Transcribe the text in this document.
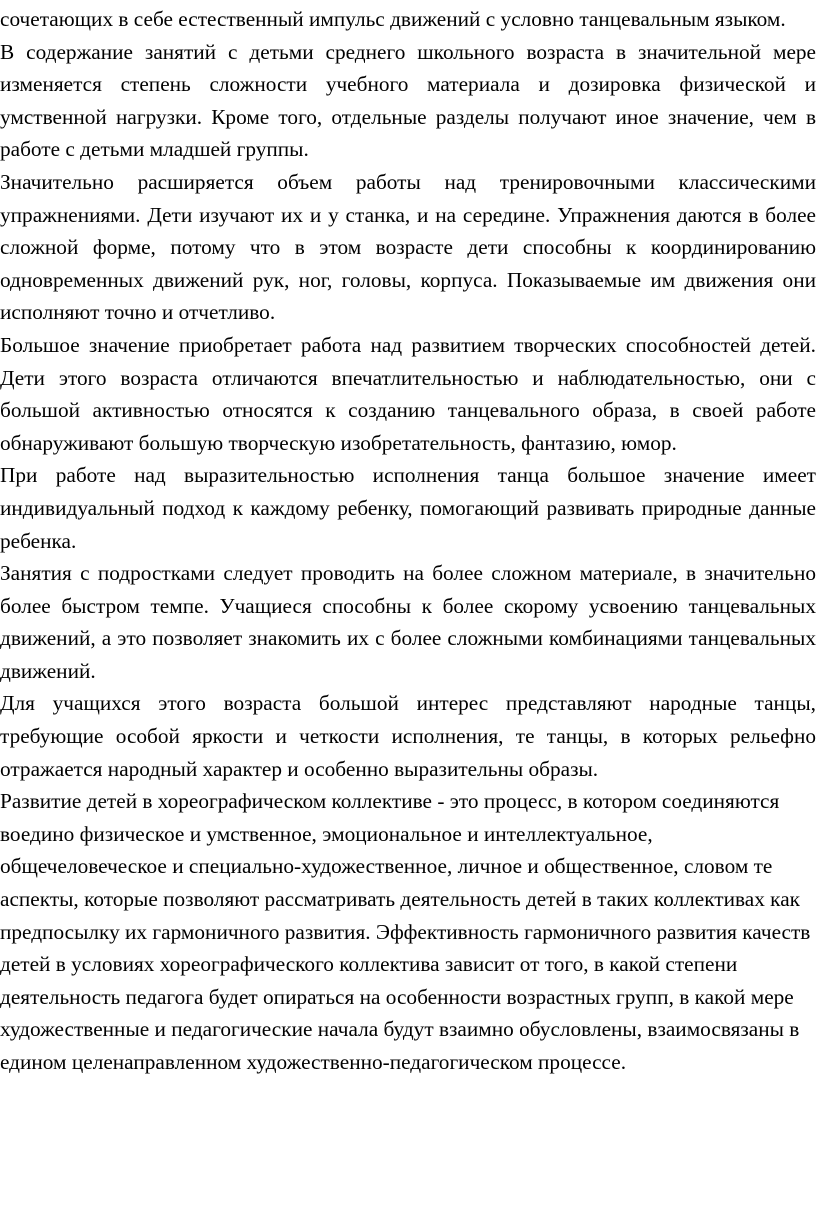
сочетающих в себе естественный импульс движений с условно танцевальным языком.

В содержание занятий с детьми среднего школьного возраста в значительной мере изменяется степень сложности учебного материала и дозировка физической и умственной нагрузки. Кроме того, отдельные разделы получают иное значение, чем в работе с детьми младшей группы.

Значительно расширяется объем работы над тренировочными классическими упражнениями. Дети изучают их и у станка, и на середине. Упражнения даются в более сложной форме, потому что в этом возрасте дети способны к координированию одновременных движений рук, ног, головы, корпуса. Показываемые им движения они исполняют точно и отчетливо.

Большое значение приобретает работа над развитием творческих способностей детей. Дети этого возраста отличаются впечатлительностью и наблюдательностью, они с большой активностью относятся к созданию танцевального образа, в своей работе обнаруживают большую творческую изобретательность, фантазию, юмор.

При работе над выразительностью исполнения танца большое значение имеет индивидуальный подход к каждому ребенку, помогающий развивать природные данные ребенка.

Занятия с подростками следует проводить на более сложном материале, в значительно более быстром темпе. Учащиеся способны к более скорому усвоению танцевальных движений, а это позволяет знакомить их с более сложными комбинациями танцевальных движений.

Для учащихся этого возраста большой интерес представляют народные танцы, требующие особой яркости и четкости исполнения, те танцы, в которых рельефно отражается народный характер и особенно выразительны образы.

Развитие детей в хореографическом коллективе - это процесс, в котором соединяются воедино физическое и умственное, эмоциональное и интеллектуальное, общечеловеческое и специально-художественное, личное и общественное, словом те аспекты, которые позволяют рассматривать деятельность детей в таких коллективах как предпосылку их гармоничного развития. Эффективность гармоничного развития качеств детей в условиях хореографического коллектива зависит от того, в какой степени деятельность педагога будет опираться на особенности возрастных групп, в какой мере художественные и педагогические начала будут взаимно обусловлены, взаимосвязаны в едином целенаправленном художественно-педагогическом процессе.
